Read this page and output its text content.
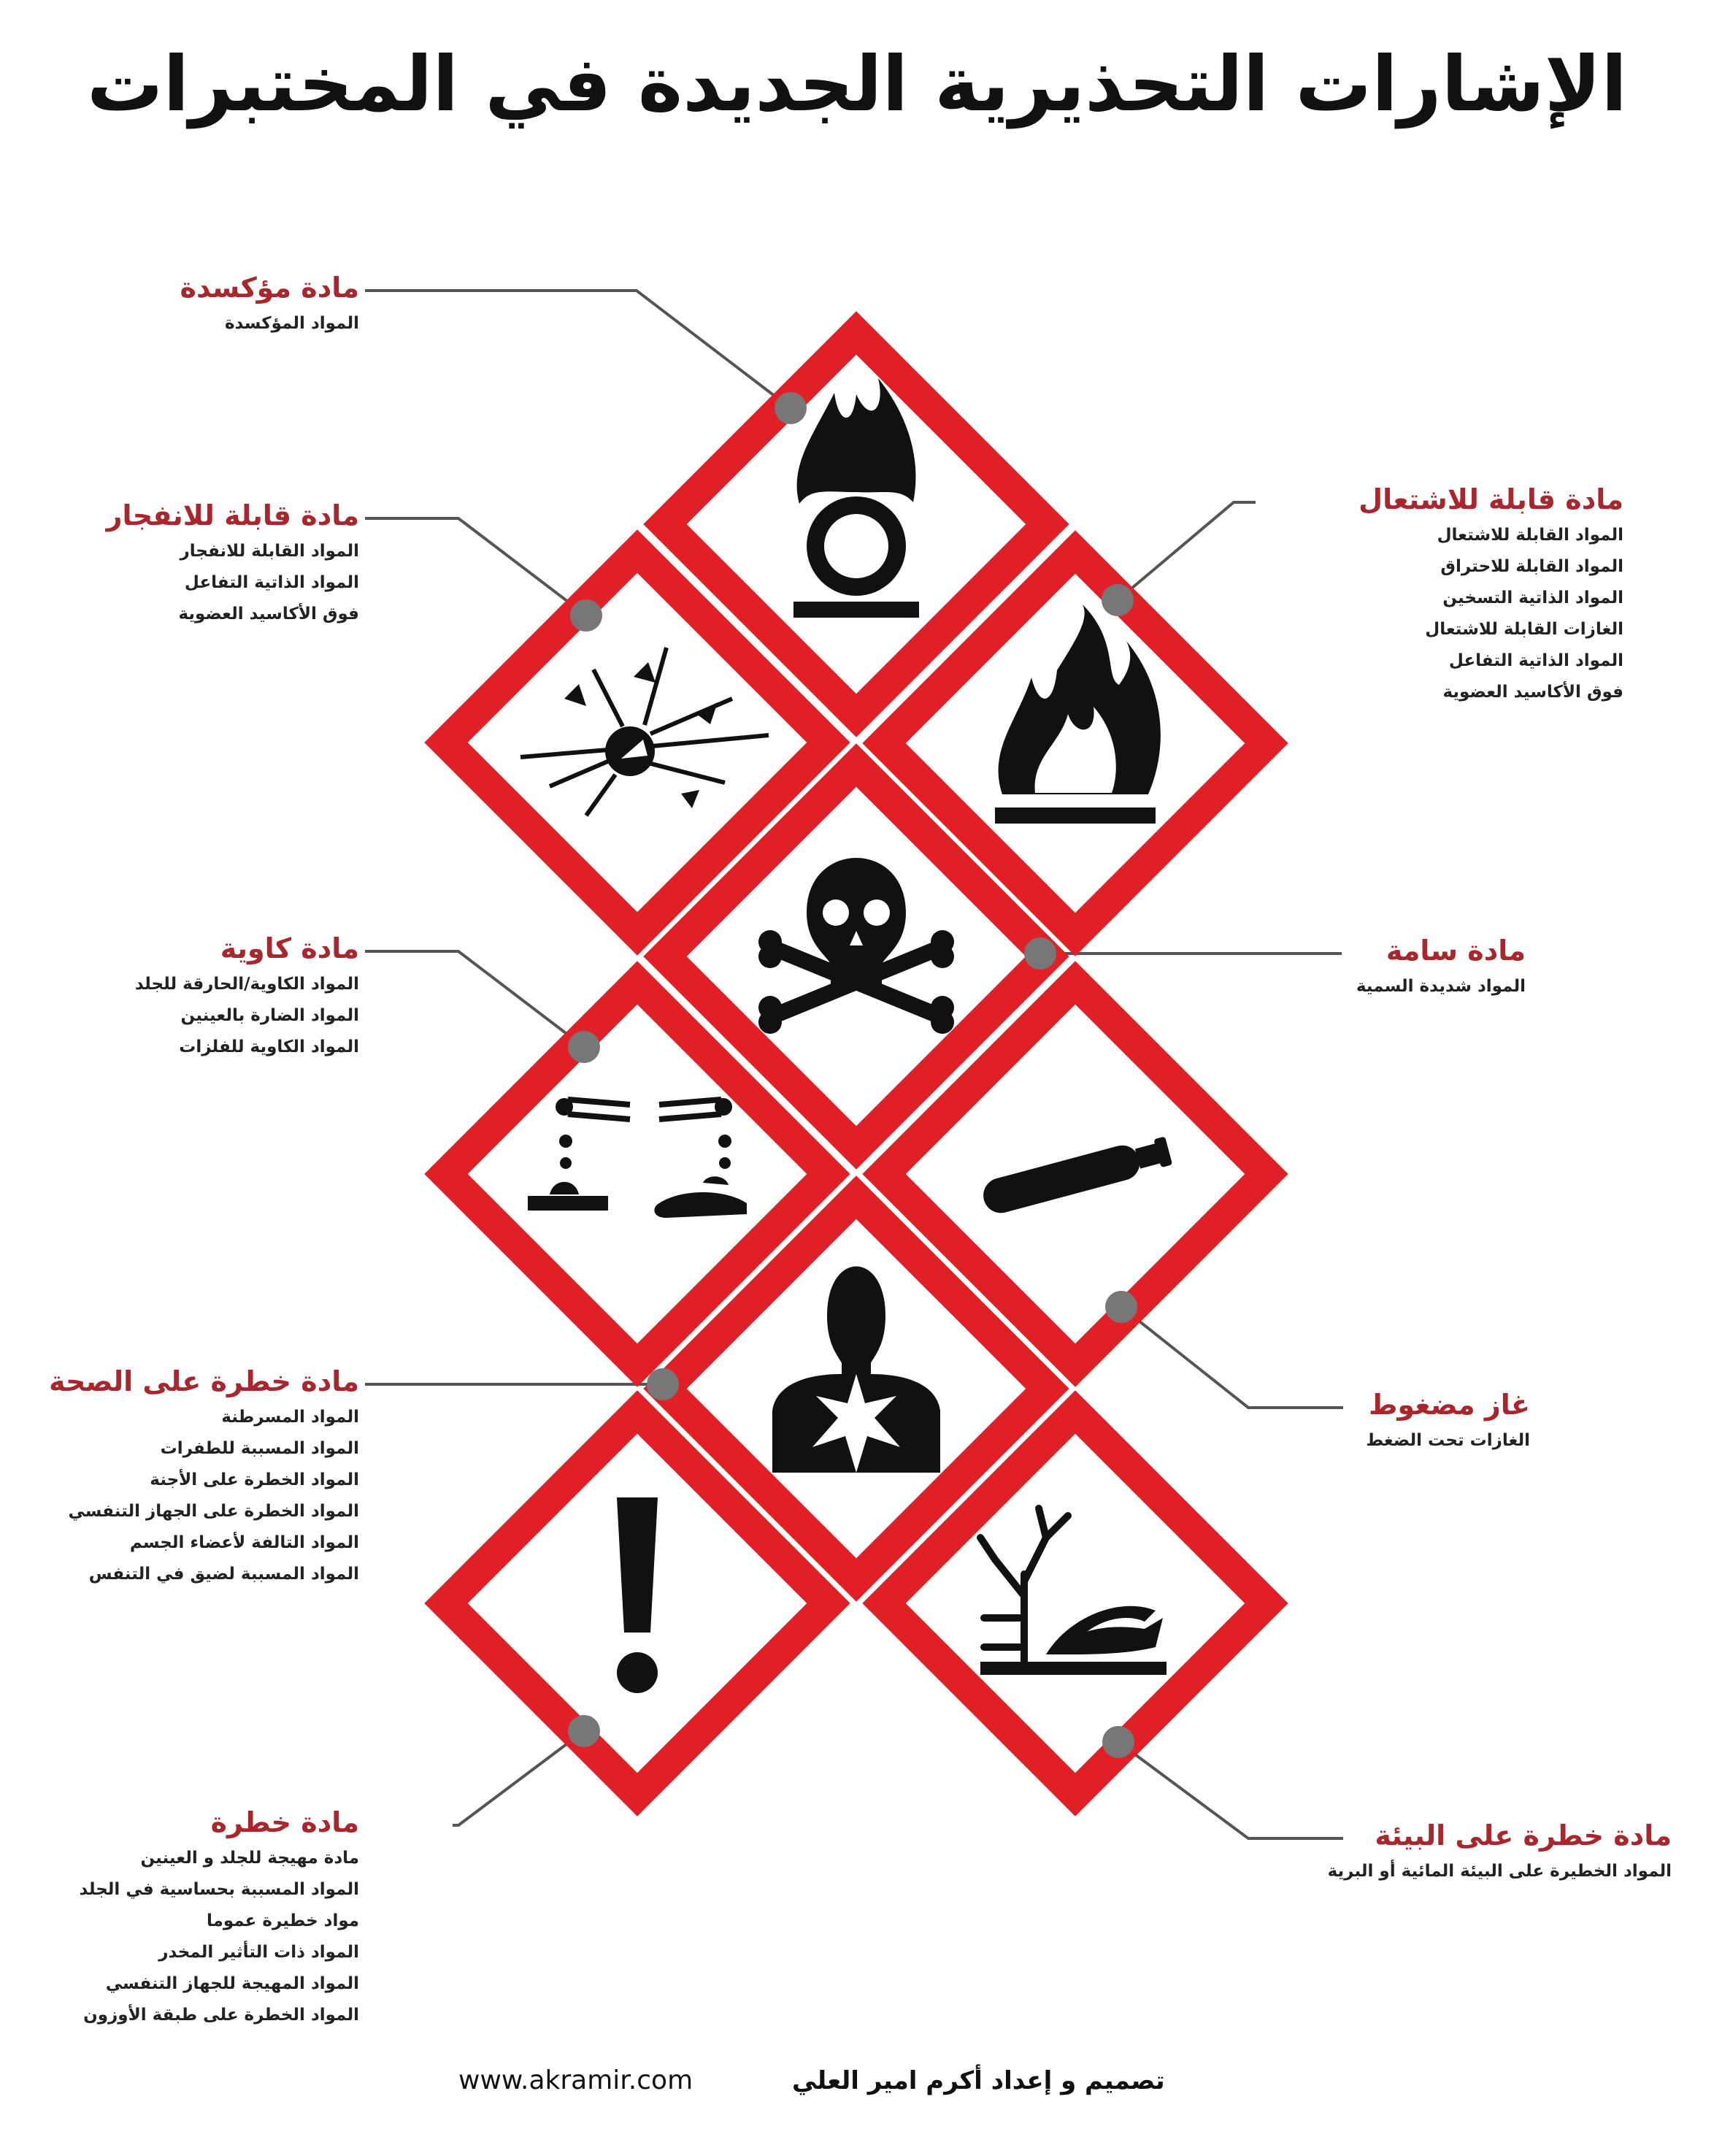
الإشارات التحذيرية الجديدة في المختبرات
مادة مؤكسدة
المواد المؤكسدة
مادة قابلة للانفجار
المواد القابلة للانفجار
المواد الذاتية التفاعل
فوق الأكاسيد العضوية
مادة كاوية
المواد الكاوية/الحارقة للجلد
المواد الضارة بالعينين
المواد الكاوية للفلزات
مادة خطرة على الصحة
المواد المسرطنة
المواد المسببة للطفرات
المواد الخطرة على الأجنة
المواد الخطرة على الجهاز التنفسي
المواد التالفة لأعضاء الجسم
المواد المسببة لضيق في التنفس
مادة خطرة
مادة مهيجة للجلد و العينين
المواد المسببة بحساسية في الجلد
مواد خطيرة عموما
المواد ذات التأثير المخدر
المواد المهيجة للجهاز التنفسي
المواد الخطرة على طبقة الأوزون
مادة قابلة للاشتعال
المواد القابلة للاشتعال
المواد القابلة للاحتراق
المواد الذاتية التسخين
الغازات القابلة للاشتعال
المواد الذاتية التفاعل
فوق الأكاسيد العضوية
مادة سامة
المواد شديدة السمية
غاز مضغوط
الغازات تحت الضغط
مادة خطرة على البيئة
المواد الخطيرة على البيئة المائية أو البرية
www.akramir.com	تصميم و إعداد أكرم امير العلي
